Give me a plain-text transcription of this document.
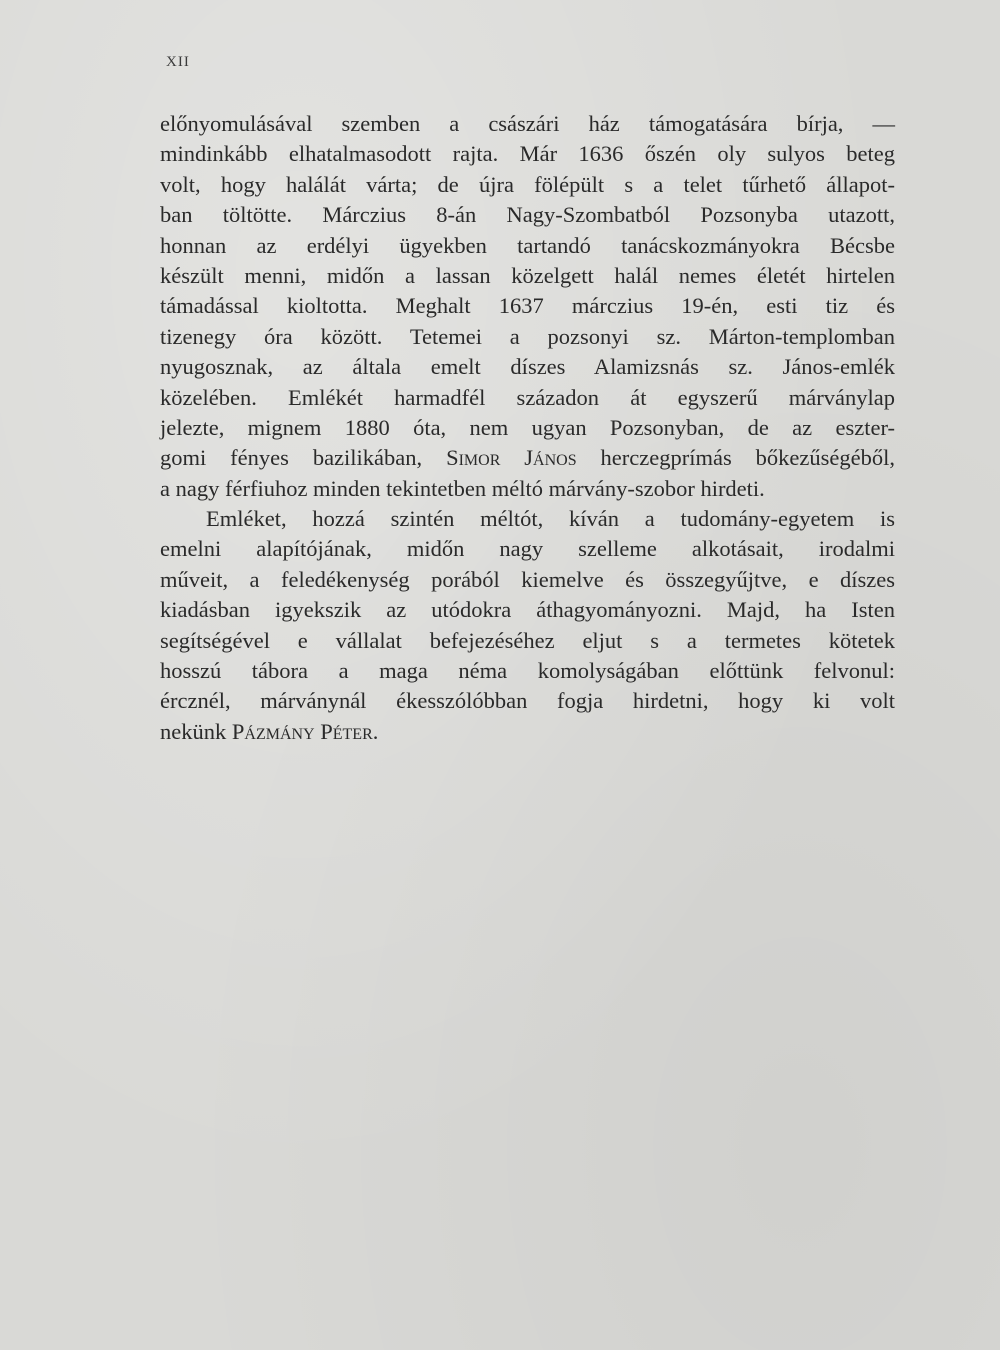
XII
előnyomulásával szemben a császári ház támogatására bírja, —
mindinkább elhatalmasodott rajta. Már 1636 őszén oly sulyos beteg
volt, hogy halálát várta; de újra fölépült s a telet tűrhető állapot-
ban töltötte. Márczius 8-án Nagy-Szombatból Pozsonyba utazott,
honnan az erdélyi ügyekben tartandó tanácskozmányokra Bécsbe
készült menni, midőn a lassan közelgett halál nemes életét hirtelen
támadással kioltotta. Meghalt 1637 márczius 19-én, esti tiz és
tizenegy óra között. Tetemei a pozsonyi sz. Márton-templomban
nyugosznak, az általa emelt díszes Alamizsnás sz. János-emlék
közelében. Emlékét harmadfél századon át egyszerű márványlap
jelezte, mignem 1880 óta, nem ugyan Pozsonyban, de az eszter-
gomi fényes bazilikában, Simor János herczegprímás bőkezűségéből,
a nagy férfiuhoz minden tekintetben méltó márvány-szobor hirdeti.
Emléket, hozzá szintén méltót, kíván a tudomány-egyetem is
emelni alapítójának, midőn nagy szelleme alkotásait, irodalmi
műveit, a feledékenység porából kiemelve és összegyűjtve, e díszes
kiadásban igyekszik az utódokra áthagyományozni. Majd, ha Isten
segítségével e vállalat befejezéséhez eljut s a termetes kötetek
hosszú tábora a maga néma komolyságában előttünk felvonul:
ércznél, márványnál ékesszólóbban fogja hirdetni, hogy ki volt
nekünk Pázmány Péter.
